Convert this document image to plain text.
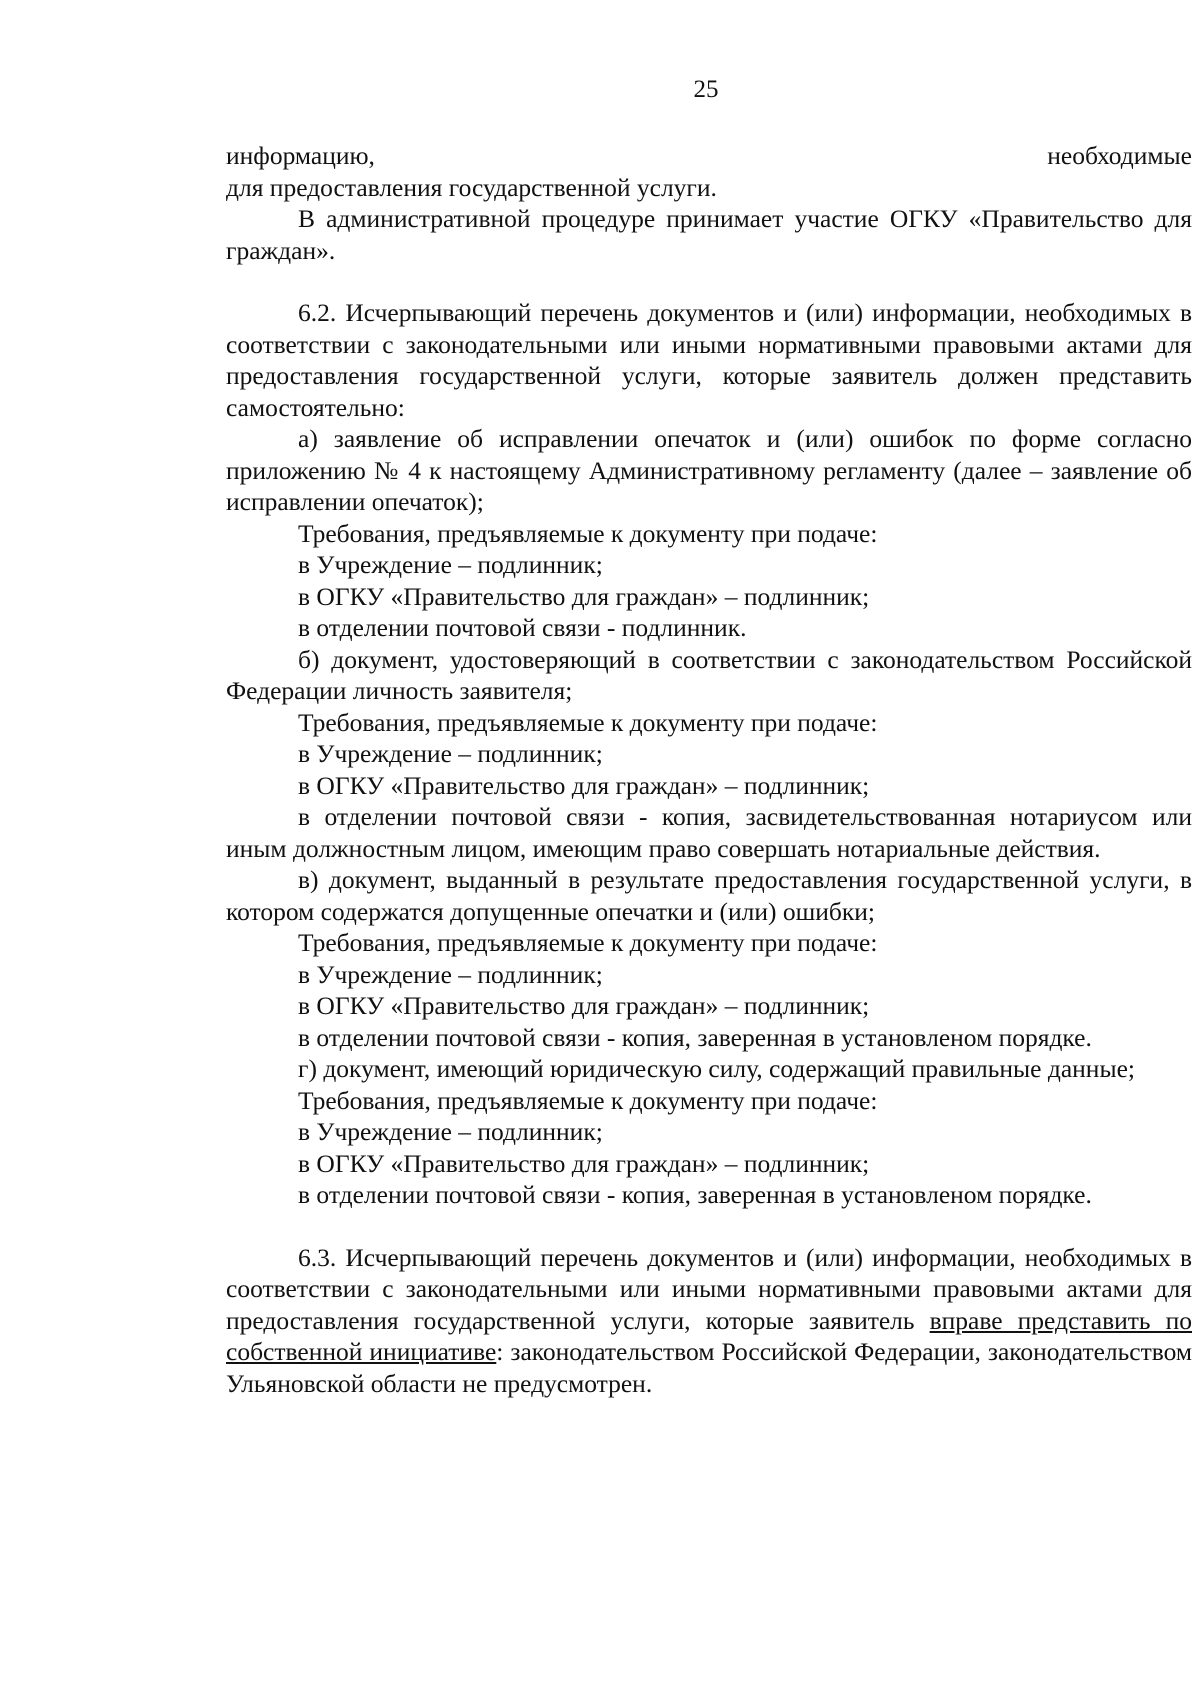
25

информацию, необходимые

для предоставления государственной услуги.

В административной процедуре принимает участие ОГКУ «Правительство для граждан».

6.2. Исчерпывающий перечень документов и (или) информации, необходимых в соответствии с законодательными или иными нормативными правовыми актами для предоставления государственной услуги, которые заявитель должен представить самостоятельно:

а) заявление об исправлении опечаток и (или) ошибок по форме согласно приложению № 4 к настоящему Административному регламенту (далее – заявление об исправлении опечаток);

Требования, предъявляемые к документу при подаче:

в Учреждение – подлинник;

в ОГКУ «Правительство для граждан» – подлинник;

в отделении почтовой связи - подлинник.

б) документ, удостоверяющий в соответствии с законодательством Российской Федерации личность заявителя;

Требования, предъявляемые к документу при подаче:

в Учреждение – подлинник;

в ОГКУ «Правительство для граждан» – подлинник;

в отделении почтовой связи - копия, засвидетельствованная нотариусом или иным должностным лицом, имеющим право совершать нотариальные действия.

в) документ, выданный в результате предоставления государственной услуги, в котором содержатся допущенные опечатки и (или) ошибки;

Требования, предъявляемые к документу при подаче:

в Учреждение – подлинник;

в ОГКУ «Правительство для граждан» – подлинник;

в отделении почтовой связи - копия, заверенная в установленом порядке.

г) документ, имеющий юридическую силу, содержащий правильные данные;

Требования, предъявляемые к документу при подаче:

в Учреждение – подлинник;

в ОГКУ «Правительство для граждан» – подлинник;

в отделении почтовой связи - копия, заверенная в установленом порядке.

6.3. Исчерпывающий перечень документов и (или) информации, необходимых в соответствии с законодательными или иными нормативными правовыми актами для предоставления государственной услуги, которые заявитель вправе представить по собственной инициативе: законодательством Российской Федерации, законодательством Ульяновской области не предусмотрен.
